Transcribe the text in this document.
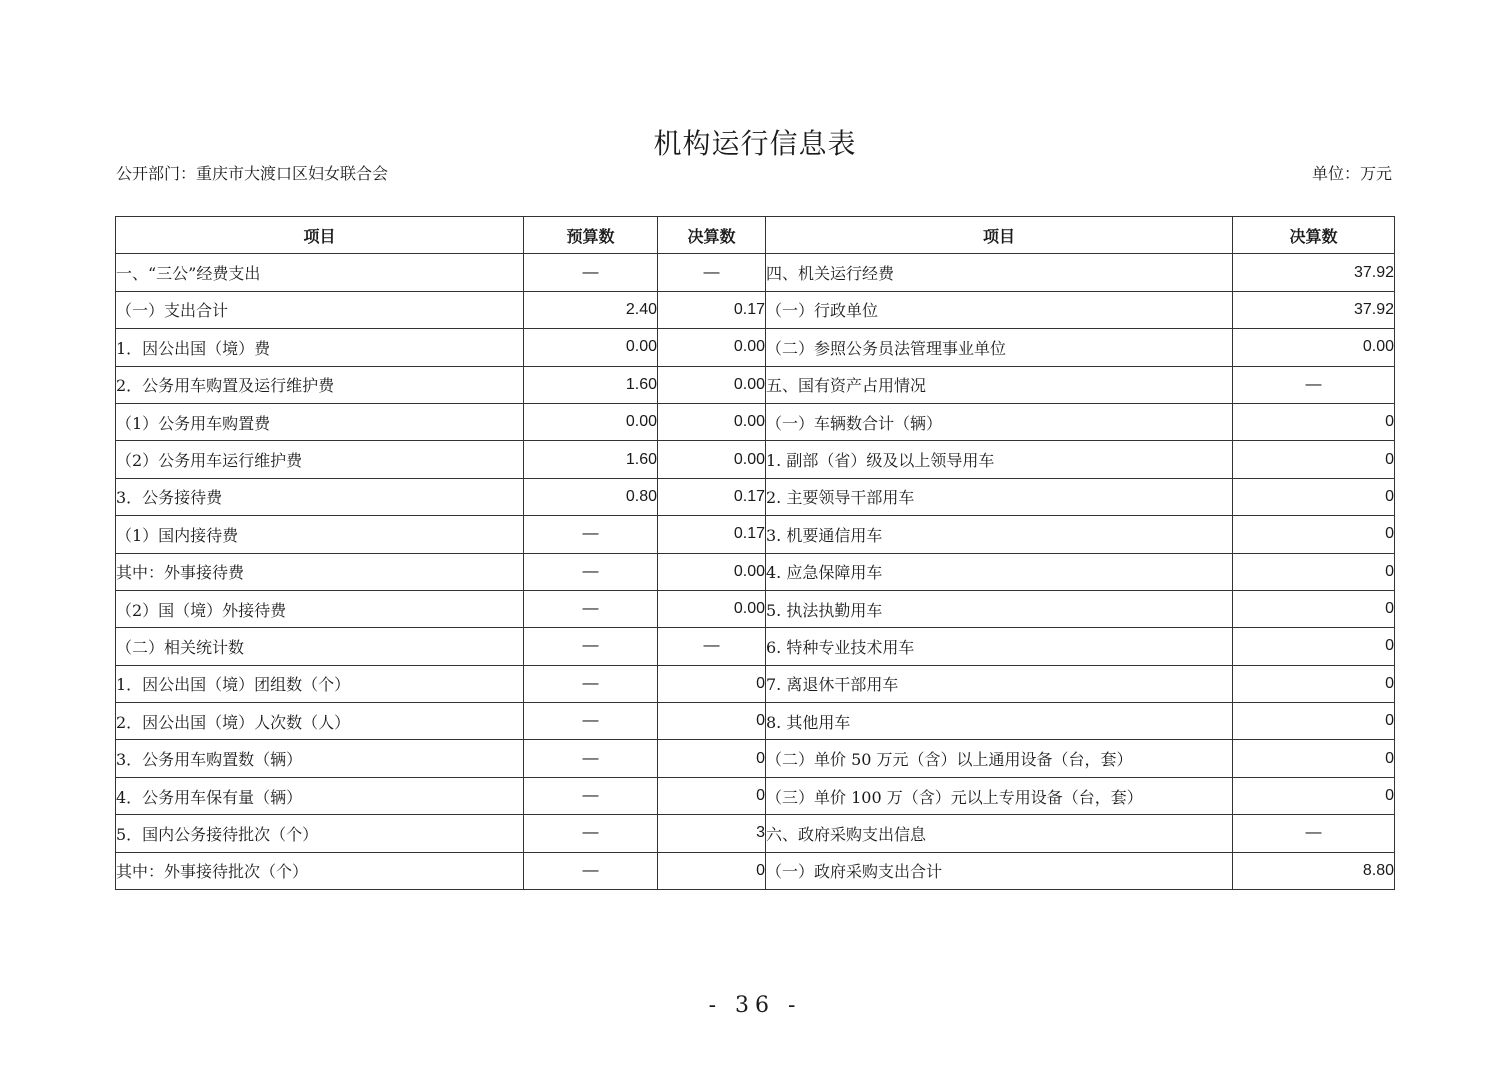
机构运行信息表
公开部门：重庆市大渡口区妇女联合会	单位：万元
项目	预算数	决算数	项目	决算数
一、“三公”经费支出	—	—	四、机关运行经费	37.92
（一）支出合计	2.40	0.17	（一）行政单位	37.92
1．因公出国（境）费	0.00	0.00	（二）参照公务员法管理事业单位	0.00
2．公务用车购置及运行维护费	1.60	0.00	五、国有资产占用情况	—
（1）公务用车购置费	0.00	0.00	（一）车辆数合计（辆）	0
（2）公务用车运行维护费	1.60	0.00	1. 副部（省）级及以上领导用车	0
3．公务接待费	0.80	0.17	2. 主要领导干部用车	0
（1）国内接待费	—	0.17	3. 机要通信用车	0
其中：外事接待费	—	0.00	4. 应急保障用车	0
（2）国（境）外接待费	—	0.00	5. 执法执勤用车	0
（二）相关统计数	—	—	6. 特种专业技术用车	0
1．因公出国（境）团组数（个）	—	0	7. 离退休干部用车	0
2．因公出国（境）人次数（人）	—	0	8. 其他用车	0
3．公务用车购置数（辆）	—	0	（二）单价 50 万元（含）以上通用设备（台，套）	0
4．公务用车保有量（辆）	—	0	（三）单价 100 万（含）元以上专用设备（台，套）	0
5．国内公务接待批次（个）	—	3	六、政府采购支出信息	—
其中：外事接待批次（个）	—	0	（一）政府采购支出合计	8.80
- 36 -
